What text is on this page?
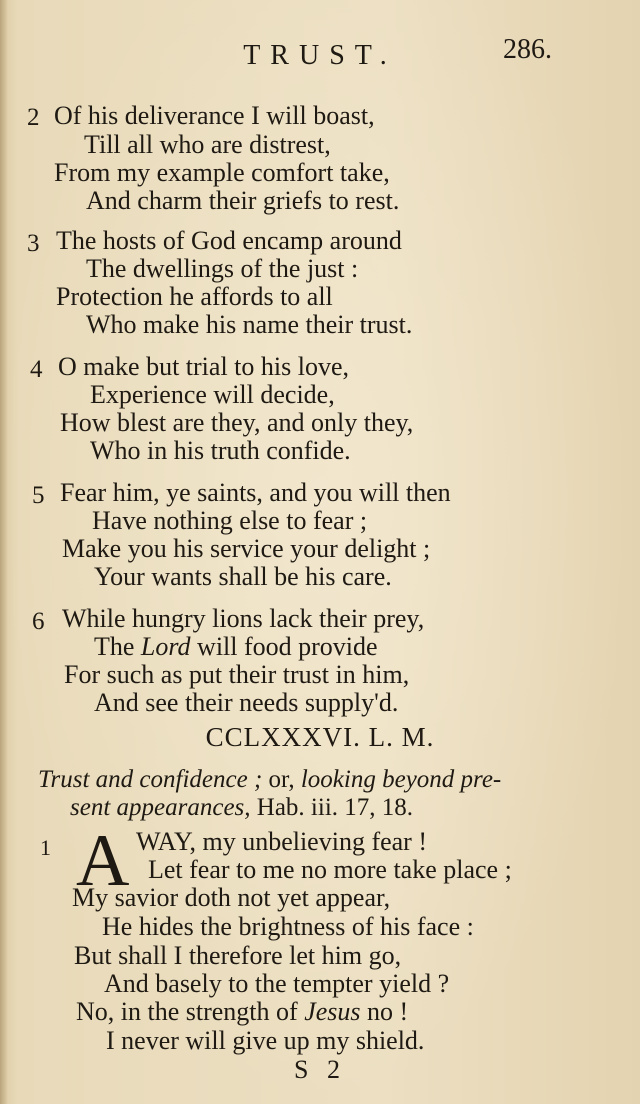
TRUST.	286.
2 Of his deliverance I will boast,
Till all who are distrest,
From my example comfort take,
And charm their griefs to rest.
3 The hosts of God encamp around
The dwellings of the just :
Protection he affords to all
Who make his name their trust.
4 O make but trial to his love,
Experience will decide,
How blest are they, and only they,
Who in his truth confide.
5 Fear him, ye saints, and you will then
Have nothing else to fear ;
Make you his service your delight ;
Your wants shall be his care.
6 While hungry lions lack their prey,
The Lord will food provide
For such as put their trust in him,
And see their needs supply'd.
CCLXXXVI. L. M.
Trust and confidence ; or, looking beyond pre-
sent appearances, Hab. iii. 17, 18.
1 A WAY, my unbelieving fear !
Let fear to me no more take place ;
My savior doth not yet appear,
He hides the brightness of his face :
But shall I therefore let him go,
And basely to the tempter yield ?
No, in the strength of Jesus no !
I never will give up my shield.
S 2
